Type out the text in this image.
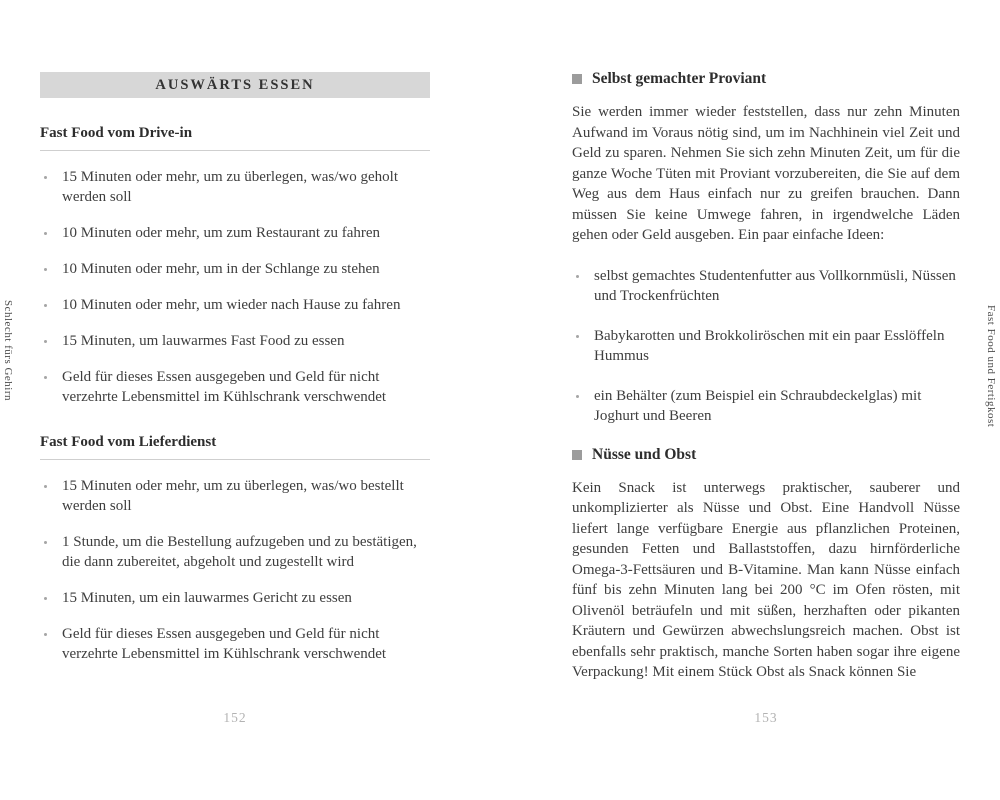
Schlecht fürs Gehirn
AUSWÄRTS ESSEN
Fast Food vom Drive-in
15 Minuten oder mehr, um zu überlegen, was/wo geholt werden soll
10 Minuten oder mehr, um zum Restaurant zu fahren
10 Minuten oder mehr, um in der Schlange zu stehen
10 Minuten oder mehr, um wieder nach Hause zu fahren
15 Minuten, um lauwarmes Fast Food zu essen
Geld für dieses Essen ausgegeben und Geld für nicht verzehrte Lebensmittel im Kühlschrank verschwendet
Fast Food vom Lieferdienst
15 Minuten oder mehr, um zu überlegen, was/wo bestellt werden soll
1 Stunde, um die Bestellung aufzugeben und zu bestätigen, die dann zubereitet, abgeholt und zugestellt wird
15 Minuten, um ein lauwarmes Gericht zu essen
Geld für dieses Essen ausgegeben und Geld für nicht verzehrte Lebensmittel im Kühlschrank verschwendet
152
Selbst gemachter Proviant

Sie werden immer wieder feststellen, dass nur zehn Minuten Aufwand im Voraus nötig sind, um im Nachhinein viel Zeit und Geld zu sparen. Nehmen Sie sich zehn Minuten Zeit, um für die ganze Woche Tüten mit Proviant vorzubereiten, die Sie auf dem Weg aus dem Haus einfach nur zu greifen brauchen. Dann müssen Sie keine Umwege fahren, in irgendwelche Läden gehen oder Geld ausgeben. Ein paar einfache Ideen:

selbst gemachtes Studentenfutter aus Vollkornmüsli, Nüssen und Trockenfrüchten
Babykarotten und Brokkoliröschen mit ein paar Esslöffeln Hummus
ein Behälter (zum Beispiel ein Schraubdeckelglas) mit Joghurt und Beeren
Nüsse und Obst

Kein Snack ist unterwegs praktischer, sauberer und unkomplizierter als Nüsse und Obst. Eine Handvoll Nüsse liefert lange verfügbare Energie aus pflanzlichen Proteinen, gesunden Fetten und Ballaststoffen, dazu hirnförderliche Omega-3-Fettsäuren und B-Vitamine. Man kann Nüsse einfach fünf bis zehn Minuten lang bei 200 °C im Ofen rösten, mit Olivenöl beträufeln und mit süßen, herzhaften oder pikanten Kräutern und Gewürzen abwechslungsreich machen. Obst ist ebenfalls sehr praktisch, manche Sorten haben sogar ihre eigene Verpackung! Mit einem Stück Obst als Snack können Sie

153
Fast Food und Fertigkost
